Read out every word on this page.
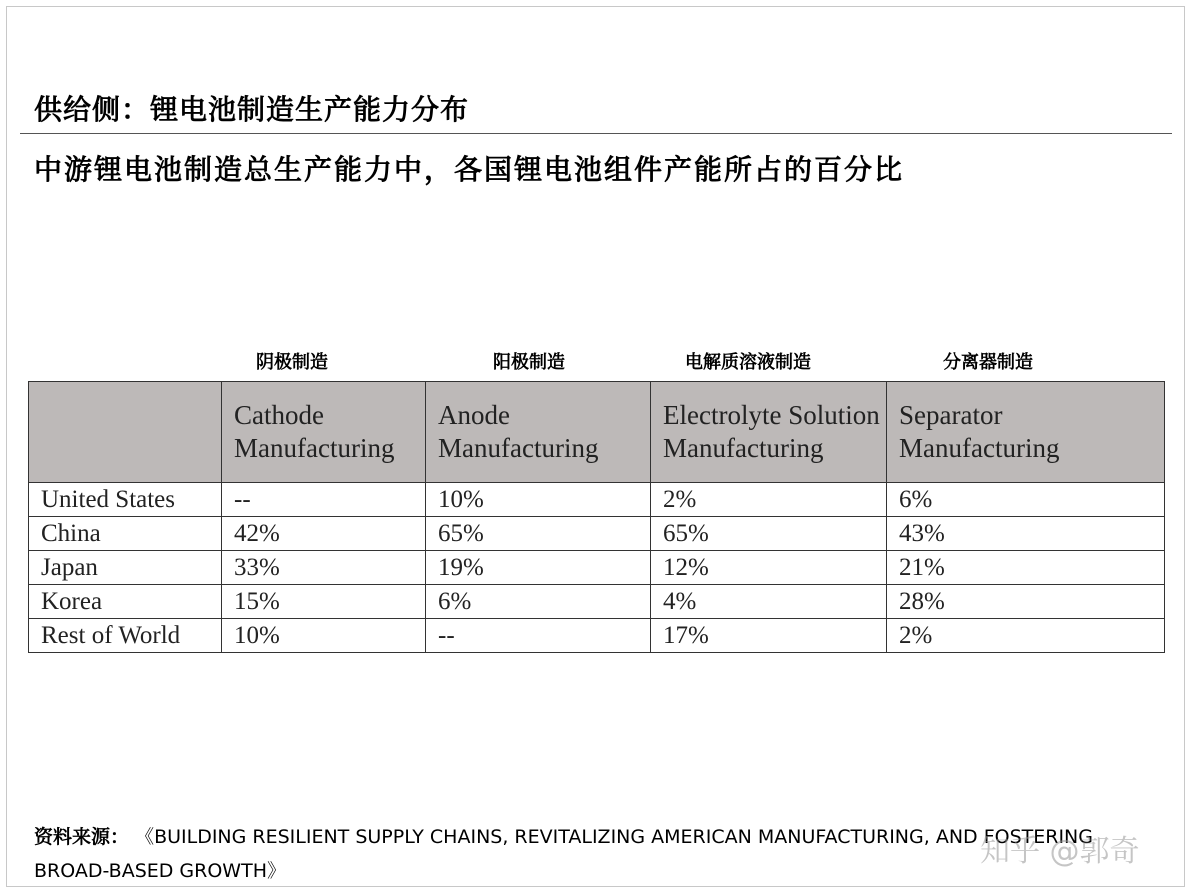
供给侧：锂电池制造生产能力分布
中游锂电池制造总生产能力中，各国锂电池组件产能所占的百分比
阴极制造	阳极制造	电解质溶液制造	分离器制造
	Cathode Manufacturing	Anode Manufacturing	Electrolyte Solution Manufacturing	Separator Manufacturing
United States	--	10%	2%	6%
China	42%	65%	65%	43%
Japan	33%	19%	12%	21%
Korea	15%	6%	4%	28%
Rest of World	10%	--	17%	2%
资料来源： 《BUILDING RESILIENT SUPPLY CHAINS, REVITALIZING AMERICAN MANUFACTURING, AND FOSTERING BROAD-BASED GROWTH》
知乎 @郭奇
